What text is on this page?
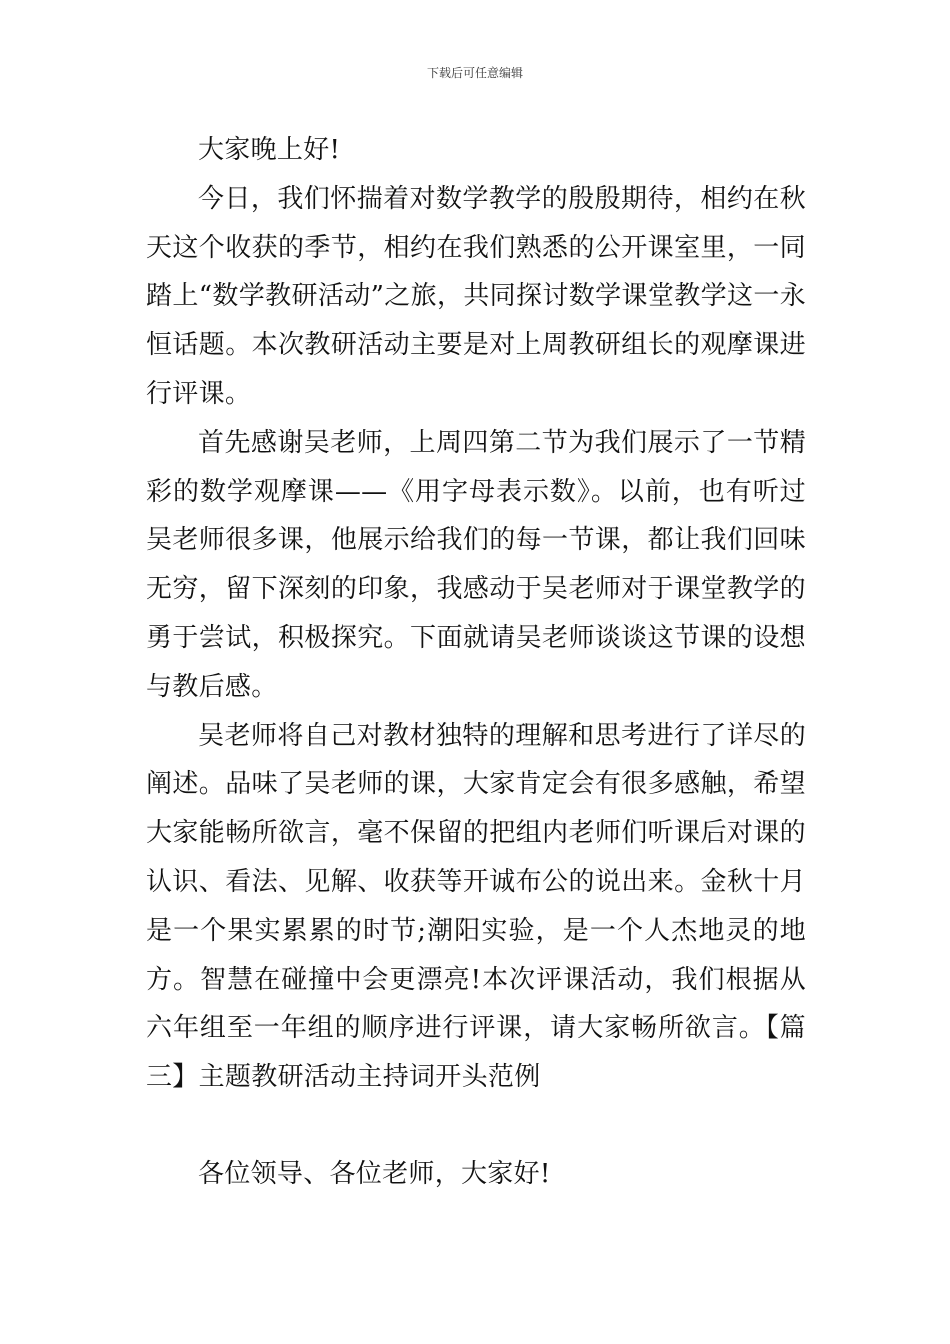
下载后可任意编辑

大家晚上好!

今日，我们怀揣着对数学教学的殷殷期待，相约在秋天这个收获的季节，相约在我们熟悉的公开课室里，一同踏上“数学教研活动”之旅，共同探讨数学课堂教学这一永恒话题。本次教研活动主要是对上周教研组长的观摩课进行评课。

首先感谢吴老师，上周四第二节为我们展示了一节精彩的数学观摩课——《用字母表示数》。以前，也有听过吴老师很多课，他展示给我们的每一节课，都让我们回味无穷，留下深刻的印象，我感动于吴老师对于课堂教学的勇于尝试，积极探究。下面就请吴老师谈谈这节课的设想与教后感。

吴老师将自己对教材独特的理解和思考进行了详尽的阐述。品味了吴老师的课，大家肯定会有很多感触，希望大家能畅所欲言，毫不保留的把组内老师们听课后对课的认识、看法、见解、收获等开诚布公的说出来。金秋十月是一个果实累累的时节;潮阳实验，是一个人杰地灵的地方。智慧在碰撞中会更漂亮!本次评课活动，我们根据从六年组至一年组的顺序进行评课，请大家畅所欲言。【篇三】主题教研活动主持词开头范例

各位领导、各位老师，大家好!
